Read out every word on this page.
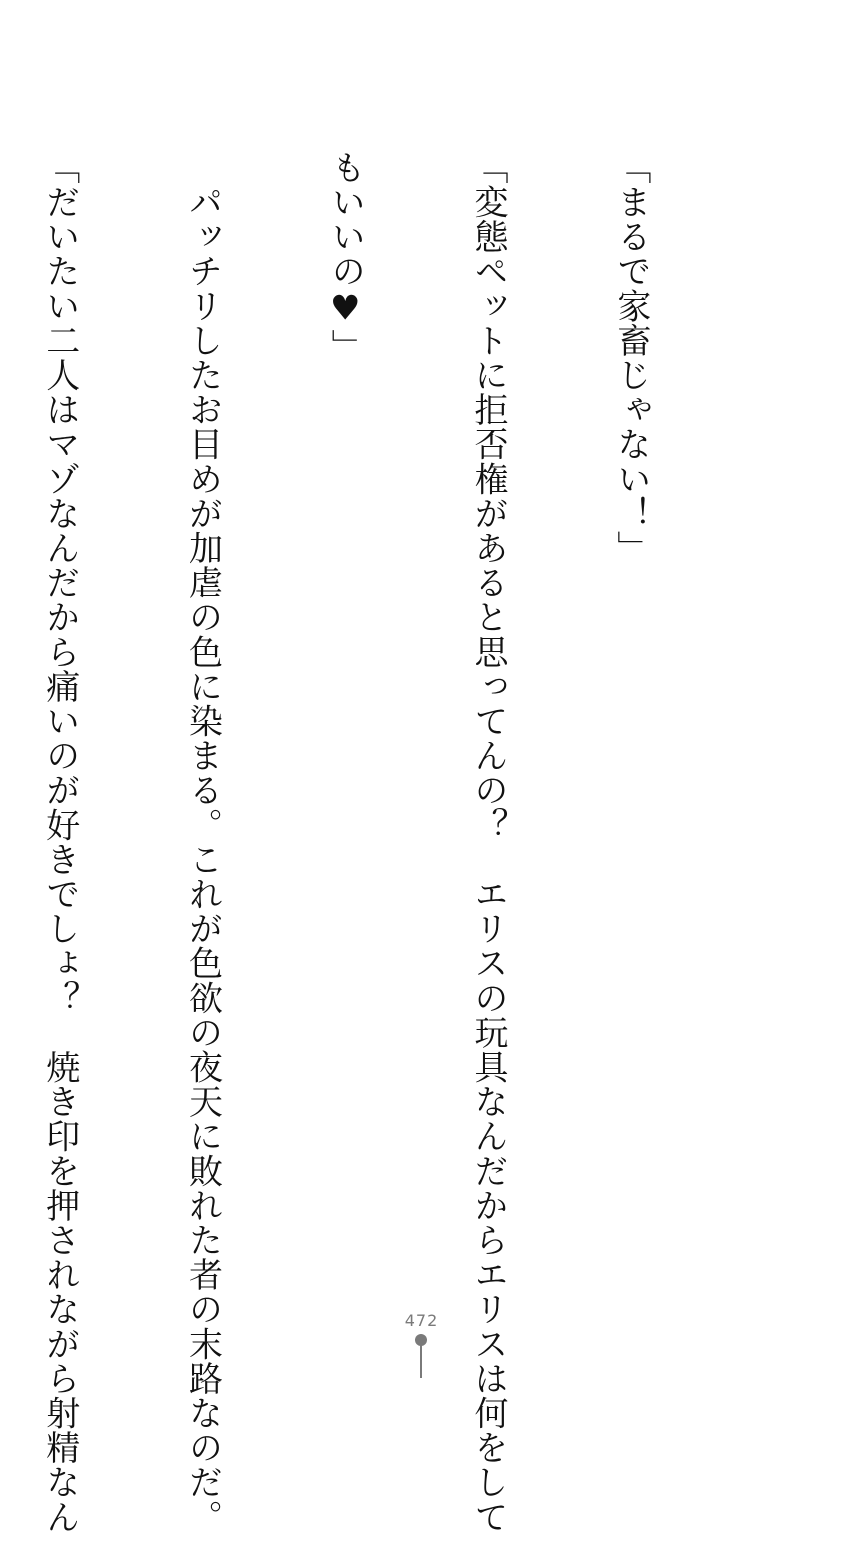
「まるで家畜じゃない！」

「変態ペットに拒否権があると思ってんの？　エリスの玩具なんだからエリスは何をして

もいいの♥」

　パッチリしたお目めが加虐の色に染まる。これが色欲の夜天に敗れた者の末路なのだ。

「だいたい二人はマゾなんだから痛いのが好きでしょ？　焼き印を押されながら射精なん

	472
